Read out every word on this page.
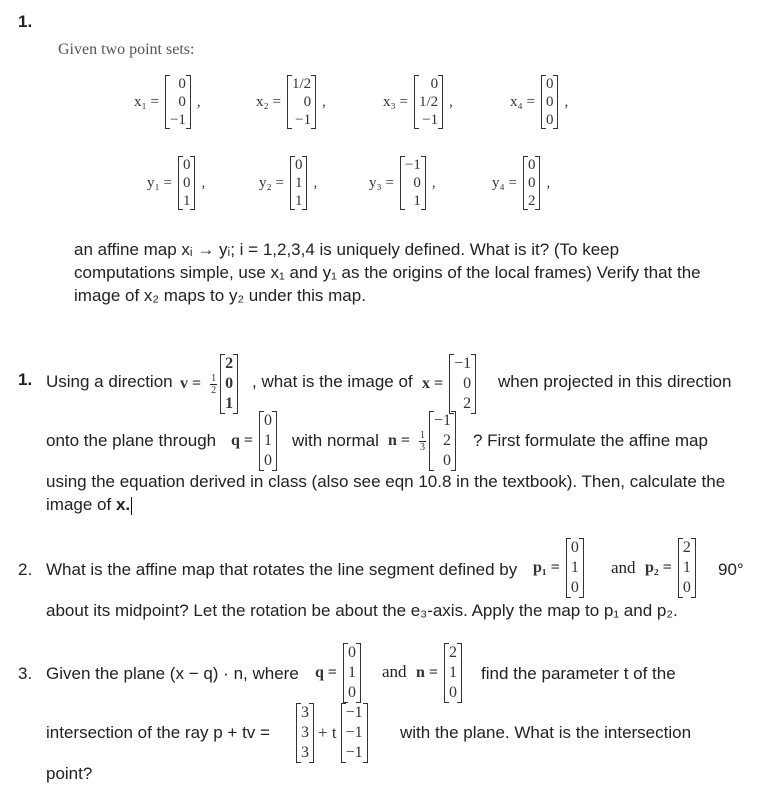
1.
Given two point sets:
x₁ =
0
0
−1
,	x₂ =
1/2
0
−1
,	x₃ =
0
1/2
−1
,	x₄ =
0
0
0
,
y₁ =
0
0
1
,	y₂ =
0
1
1
,	y₃ =
−1
0
1
,	y₄ =
0
0
2
,
an affine map xᵢ → yᵢ; i = 1,2,3,4 is uniquely defined. What is it? (To keep
computations simple, use x₁ and y₁ as the origins of the local frames) Verify that the
image of x₂ maps to y₂ under this map.
1. Using a direction $v = \frac{1}{2}$
2
0
1
, what is the image of x =
−1
0
2
when projected in this direction
onto the plane through q =
0
1
0
with normal $n = \frac{1}{3}$
−1
2
0
? First formulate the affine map
using the equation derived in class (also see eqn 10.8 in the textbook). Then, calculate the
image of x.
2. What is the affine map that rotates the line segment defined by p₁ =
0
1
0
and p₂ =
2
1
0
90°
about its midpoint? Let the rotation be about the e₃-axis. Apply the map to p₁ and p₂.
3. Given the plane (x − q) · n, where q =
0
1
0
and n =
2
1
0
find the parameter t of the
intersection of the ray p + tv =
3
3
3
+ t
−1
−1
−1
with the plane. What is the intersection
point?
